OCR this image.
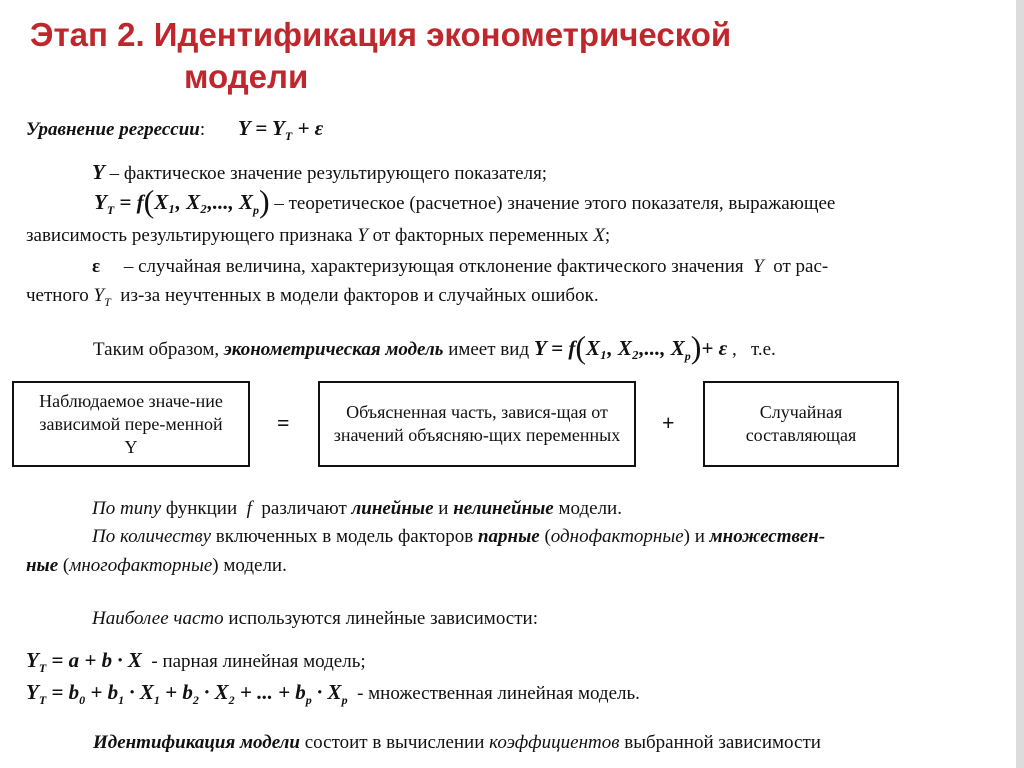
Этап 2. Идентификация эконометрической
модели
Уравнение регрессии: $Y = Y_T + \varepsilon$
Y – фактическое значение результирующего показателя;
$Y_T = f(X_1$, X₂,..., $X_p$) – теоретическое (расчетное) значение этого показателя, выражающее
зависимость результирующего признака Y от факторных переменных X;
ε     – случайная величина, характеризующая отклонение фактического значения  Y  от рас-
четного $Y_T$  из-за неучтенных в модели факторов и случайных ошибок.
Таким образом, эконометрическая модель имеет вид Y = f(X₁, X₂,..., $X_p)+ \varepsilon$ ,   т.е.
Наблюдаемое значе-ние зависимой пере-менной Y
=	Объясненная часть, завися-щая от значений объясняю-щих переменных +	Случайная составляющая
По типу функции  f  различают линейные и нелинейные модели.
По количеству включенных в модель факторов парные (однофакторные) и множествен-
ные (многофакторные) модели.
Наиболее часто используются линейные зависимости:
$Y_T = a + b \cdot X$  - парная линейная модель;
$Y_T = b_0 + b_1 \cdot X_1 + b_2 \cdot X_2$ + ... + $b_p \cdot X_p$  - множественная линейная модель.
Идентификация модели состоит в вычислении коэффициентов выбранной зависимости
